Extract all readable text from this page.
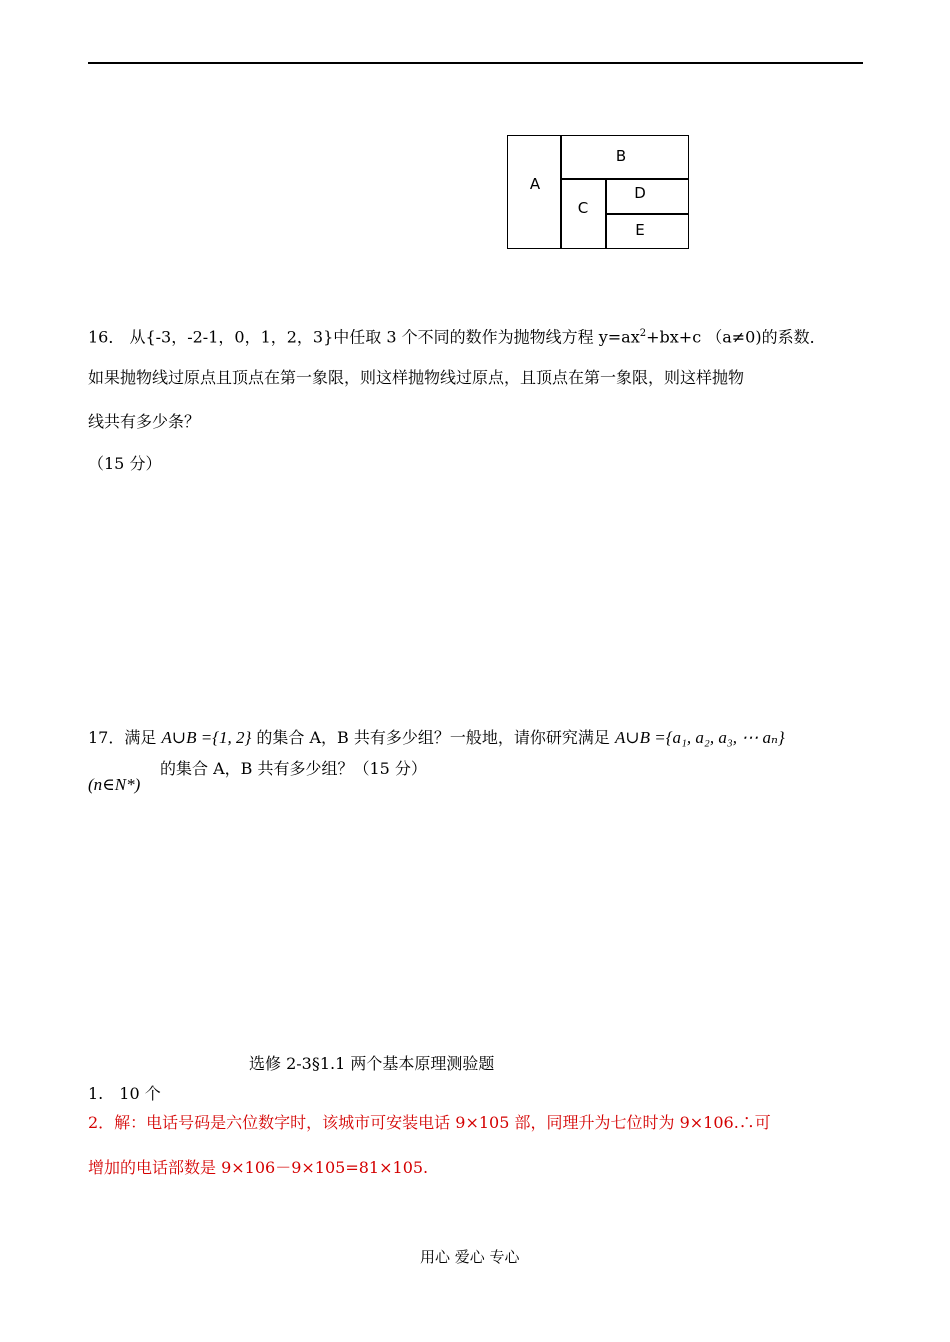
A
B
C
D
E
16． 从{-3，-2-1，0，1，2，3}中任取 3 个不同的数作为抛物线方程 $y=ax^2+bx+c$ （a≠0)的系数．
如果抛物线过原点且顶点在第一象限，则这样抛物线过原点，且顶点在第一象限，则这样抛物
线共有多少条？
（15 分）
17．满足 A∪B ={1, 2} 的集合 A，B 共有多少组？一般地，请你研究满足 A∪B ={a₁, a₂, a₃, ⋯ aₙ}
的集合 A，B 共有多少组？（15 分）
(n∈N*)
选修 2-3§1.1 两个基本原理测验题
1.　10 个
2．解：电话号码是六位数字时，该城市可安装电话 9×105 部，同理升为七位时为 9×106.∴可
增加的电话部数是 9×106－9×105=81×105.
用心 爱心 专心
